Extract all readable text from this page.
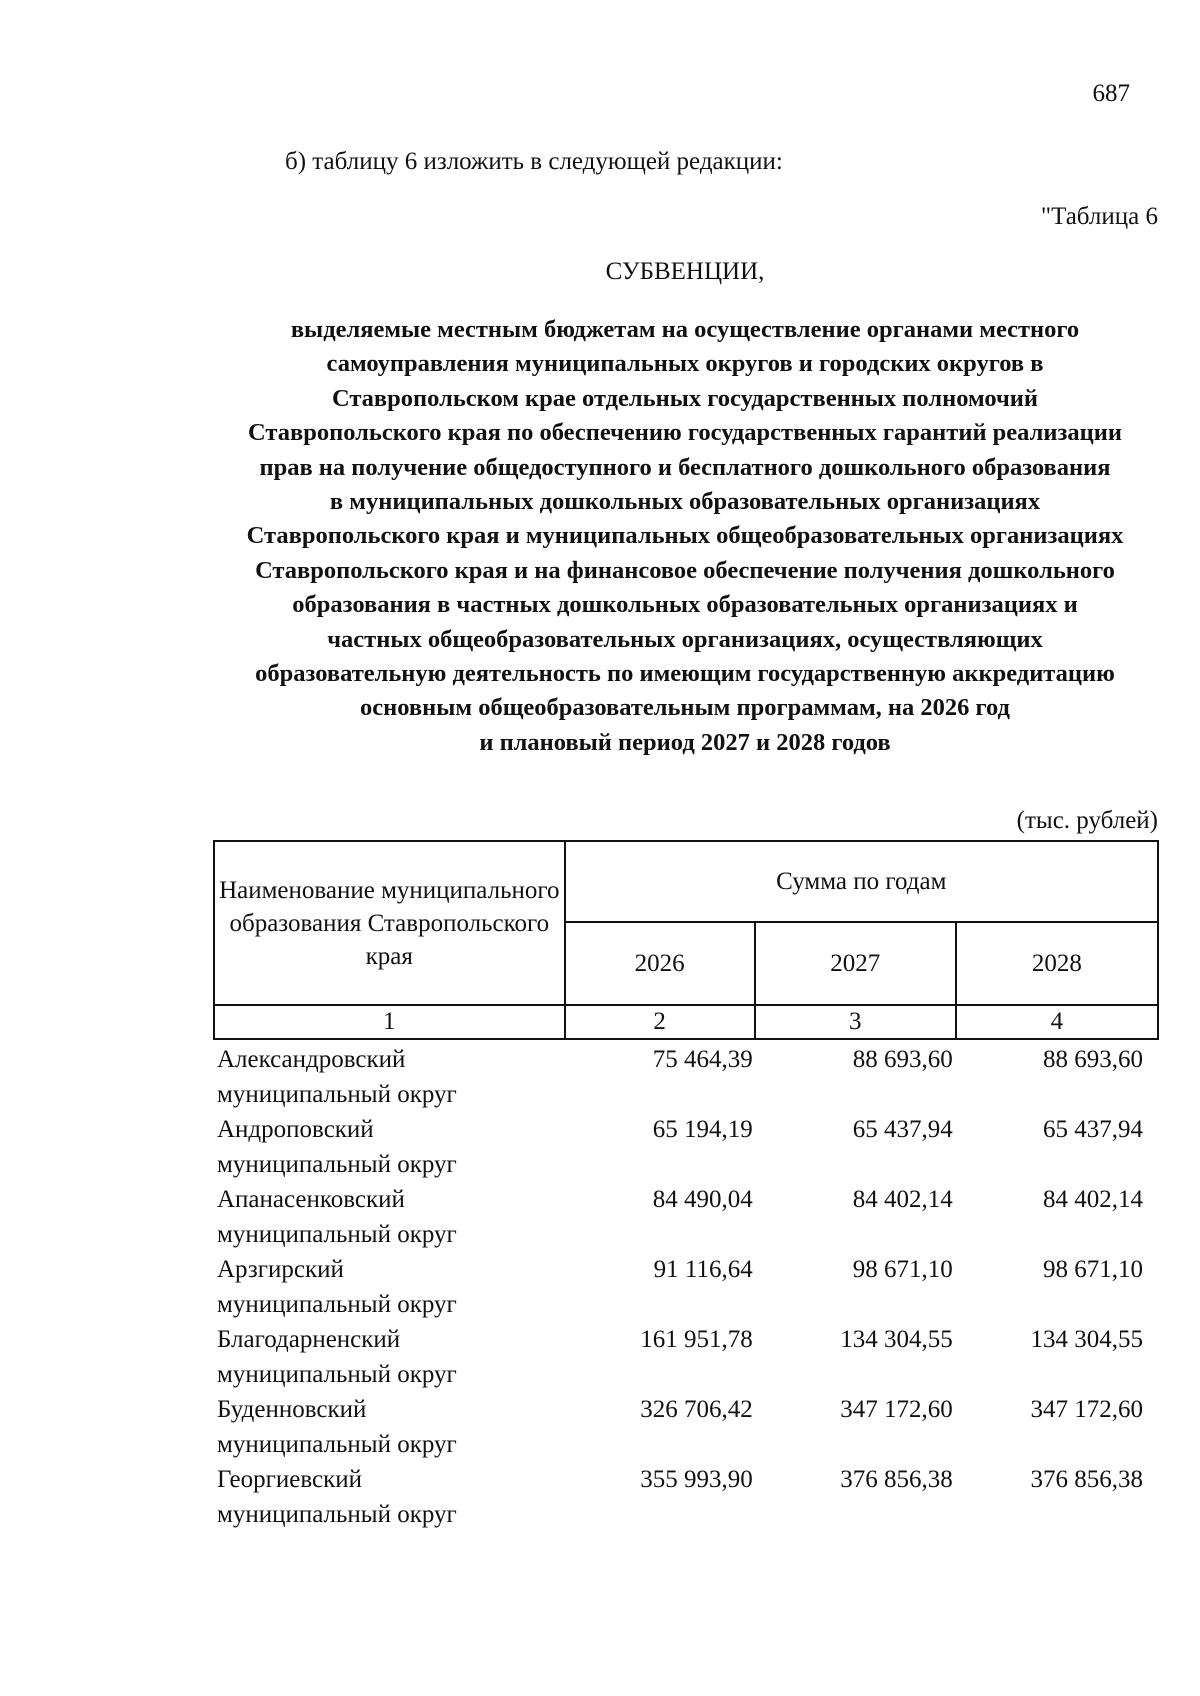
687
б) таблицу 6 изложить в следующей редакции:
"Таблица 6
СУБВЕНЦИИ,
выделяемые местным бюджетам на осуществление органами местного
самоуправления муниципальных округов и городских округов в
Ставропольском крае отдельных государственных полномочий
Ставропольского края по обеспечению государственных гарантий реализации
прав на получение общедоступного и бесплатного дошкольного образования
в муниципальных дошкольных образовательных организациях
Ставропольского края и муниципальных общеобразовательных организациях
Ставропольского края и на финансовое обеспечение получения дошкольного
образования в частных дошкольных образовательных организациях и
частных общеобразовательных организациях, осуществляющих
образовательную деятельность по имеющим государственную аккредитацию
основным общеобразовательным программам, на 2026 год
и плановый период 2027 и 2028 годов
(тыс. рублей)
Наименование муниципального образования Ставропольского края	Сумма по годам		
	2026	2027	2028
1	2	3	4

Александровский
муниципальный округ	75 464,39	88 693,60	88 693,60

Андроповский
муниципальный округ	65 194,19	65 437,94	65 437,94

Апанасенковский
муниципальный округ	84 490,04	84 402,14	84 402,14

Арзгирский
муниципальный округ	91 116,64	98 671,10	98 671,10

Благодарненский
муниципальный округ	161 951,78	134 304,55	134 304,55

Буденновский
муниципальный округ	326 706,42	347 172,60	347 172,60

Георгиевский
муниципальный округ	355 993,90	376 856,38	376 856,38
